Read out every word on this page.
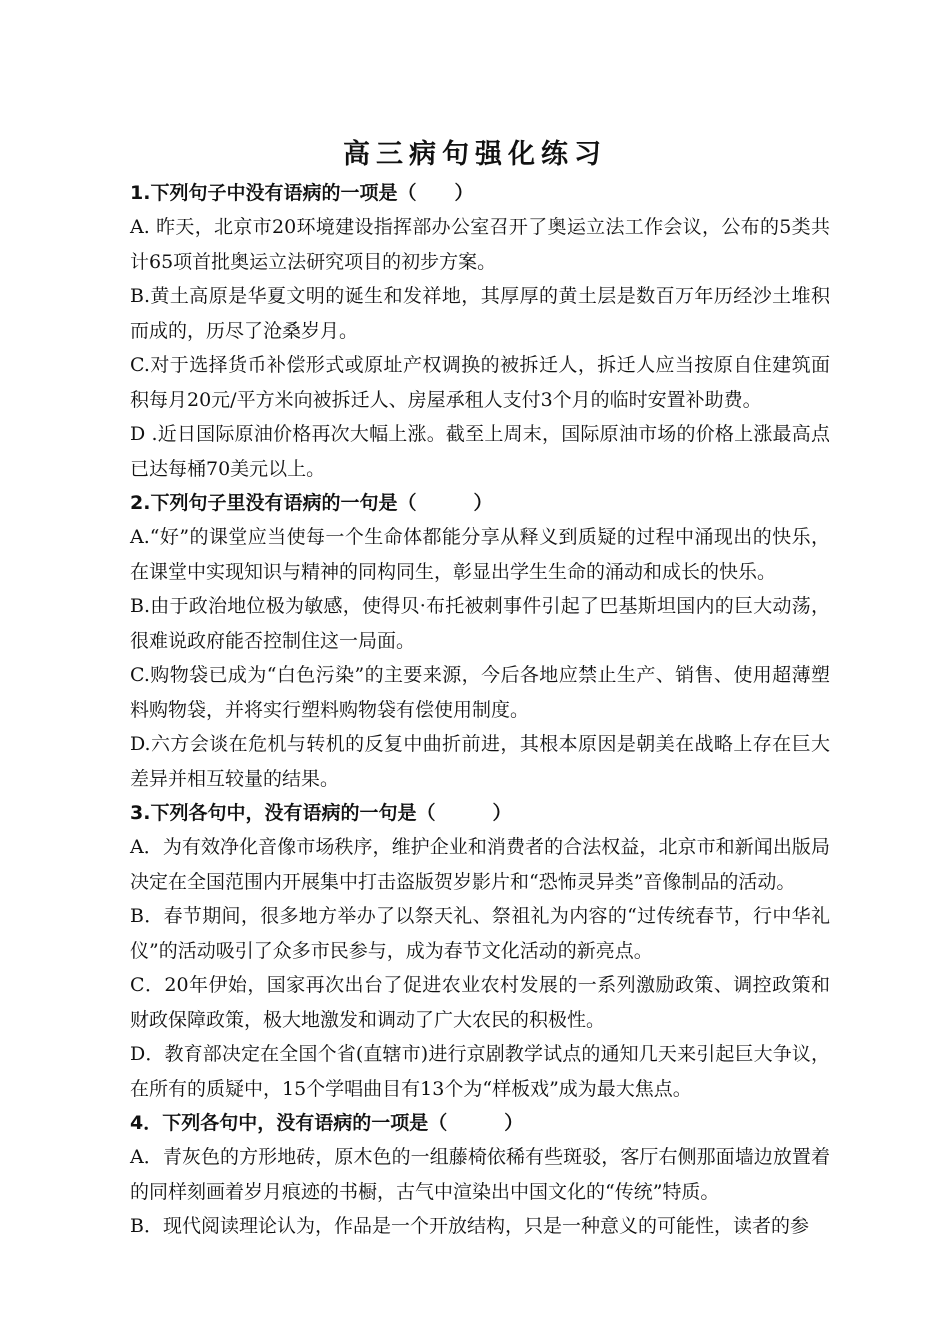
高三病句强化练习
1.下列句子中没有语病的一项是（　　）

A. 昨天，北京市20环境建设指挥部办公室召开了奥运立法工作会议，公布的5类共计65项首批奥运立法研究项目的初步方案。

B.黄土高原是华夏文明的诞生和发祥地，其厚厚的黄土层是数百万年历经沙土堆积而成的，历尽了沧桑岁月。

C.对于选择货币补偿形式或原址产权调换的被拆迁人，拆迁人应当按原自住建筑面积每月20元/平方米向被拆迁人、房屋承租人支付3个月的临时安置补助费。

D .近日国际原油价格再次大幅上涨。截至上周末，国际原油市场的价格上涨最高点已达每桶70美元以上。

2.下列句子里没有语病的一句是（　　　）

A.“好”的课堂应当使每一个生命体都能分享从释义到质疑的过程中涌现出的快乐，在课堂中实现知识与精神的同构同生，彰显出学生生命的涌动和成长的快乐。

B.由于政治地位极为敏感，使得贝·布托被刺事件引起了巴基斯坦国内的巨大动荡，很难说政府能否控制住这一局面。

C.购物袋已成为“白色污染”的主要来源，今后各地应禁止生产、销售、使用超薄塑料购物袋，并将实行塑料购物袋有偿使用制度。

D.六方会谈在危机与转机的反复中曲折前进，其根本原因是朝美在战略上存在巨大差异并相互较量的结果。

3.下列各句中，没有语病的一句是（　　　）

A．为有效净化音像市场秩序，维护企业和消费者的合法权益，北京市和新闻出版局决定在全国范围内开展集中打击盗版贺岁影片和“恐怖灵异类”音像制品的活动。

B．春节期间，很多地方举办了以祭天礼、祭祖礼为内容的“过传统春节，行中华礼仪”的活动吸引了众多市民参与，成为春节文化活动的新亮点。

C．20年伊始，国家再次出台了促进农业农村发展的一系列激励政策、调控政策和财政保障政策，极大地激发和调动了广大农民的积极性。

D．教育部决定在全国个省(直辖市)进行京剧教学试点的通知几天来引起巨大争议，在所有的质疑中，15个学唱曲目有13个为“样板戏”成为最大焦点。

4．下列各句中，没有语病的一项是（　　　）

A．青灰色的方形地砖，原木色的一组藤椅依稀有些斑驳，客厅右侧那面墙边放置着的同样刻画着岁月痕迹的书橱，古气中渲染出中国文化的“传统”特质。

B．现代阅读理论认为，作品是一个开放结构，只是一种意义的可能性，读者的参
